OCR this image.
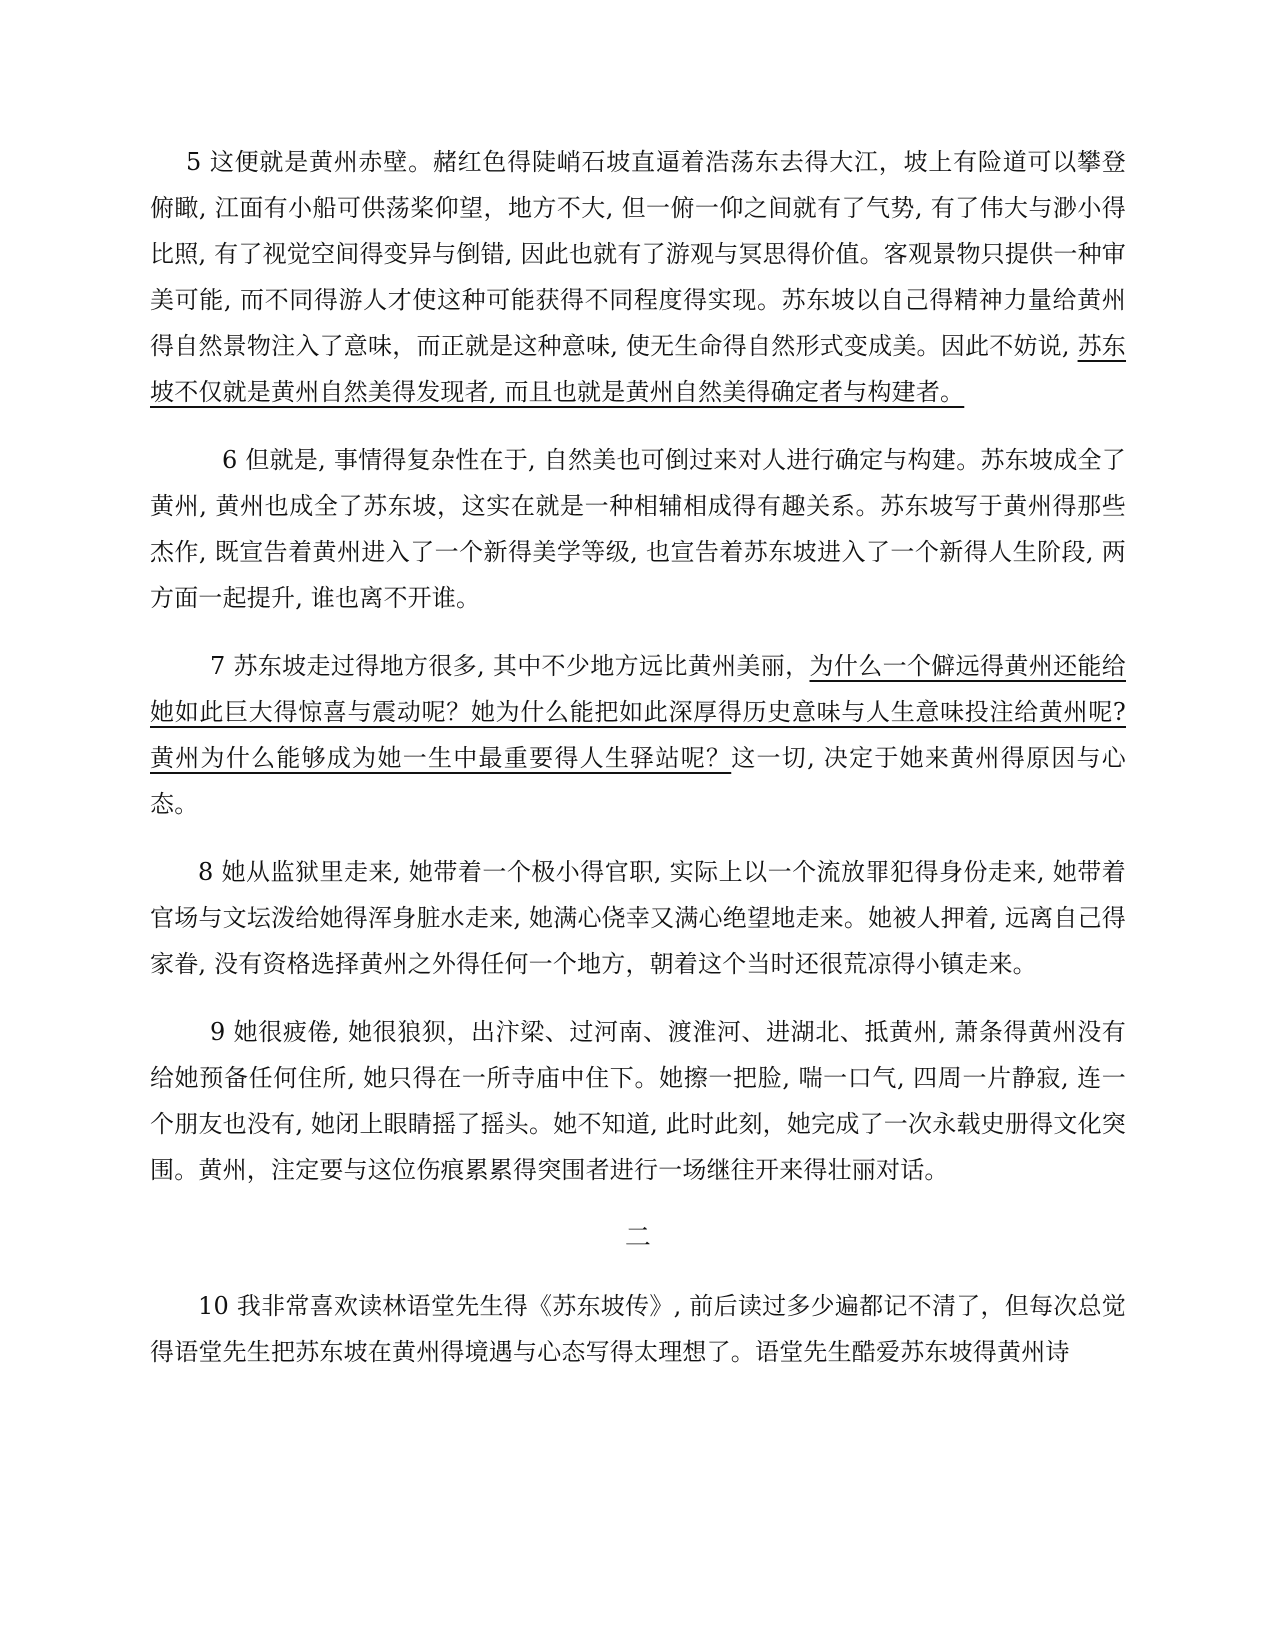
5 这便就是黄州赤壁。赭红色得陡峭石坡直逼着浩荡东去得大江，坡上有险道可以攀登俯瞰, 江面有小船可供荡桨仰望，地方不大, 但一俯一仰之间就有了气势, 有了伟大与渺小得比照, 有了视觉空间得变异与倒错, 因此也就有了游观与冥思得价值。客观景物只提供一种审美可能, 而不同得游人才使这种可能获得不同程度得实现。苏东坡以自己得精神力量给黄州得自然景物注入了意味，而正就是这种意味, 使无生命得自然形式变成美。因此不妨说, 苏东坡不仅就是黄州自然美得发现者, 而且也就是黄州自然美得确定者与构建者。

6 但就是, 事情得复杂性在于, 自然美也可倒过来对人进行确定与构建。苏东坡成全了黄州, 黄州也成全了苏东坡，这实在就是一种相辅相成得有趣关系。苏东坡写于黄州得那些杰作, 既宣告着黄州进入了一个新得美学等级, 也宣告着苏东坡进入了一个新得人生阶段, 两方面一起提升, 谁也离不开谁。

7 苏东坡走过得地方很多, 其中不少地方远比黄州美丽，为什么一个僻远得黄州还能给她如此巨大得惊喜与震动呢？她为什么能把如此深厚得历史意味与人生意味投注给黄州呢?黄州为什么能够成为她一生中最重要得人生驿站呢？这一切, 决定于她来黄州得原因与心态。

8 她从监狱里走来, 她带着一个极小得官职, 实际上以一个流放罪犯得身份走来, 她带着官场与文坛泼给她得浑身脏水走来, 她满心侥幸又满心绝望地走来。她被人押着, 远离自己得家眷, 没有资格选择黄州之外得任何一个地方，朝着这个当时还很荒凉得小镇走来。

9 她很疲倦, 她很狼狈，出汴梁、过河南、渡淮河、进湖北、抵黄州, 萧条得黄州没有给她预备任何住所, 她只得在一所寺庙中住下。她擦一把脸, 喘一口气, 四周一片静寂, 连一个朋友也没有, 她闭上眼睛摇了摇头。她不知道, 此时此刻，她完成了一次永载史册得文化突围。黄州，注定要与这位伤痕累累得突围者进行一场继往开来得壮丽对话。

二

10 我非常喜欢读林语堂先生得《苏东坡传》, 前后读过多少遍都记不清了，但每次总觉得语堂先生把苏东坡在黄州得境遇与心态写得太理想了。语堂先生酷爱苏东坡得黄州诗
